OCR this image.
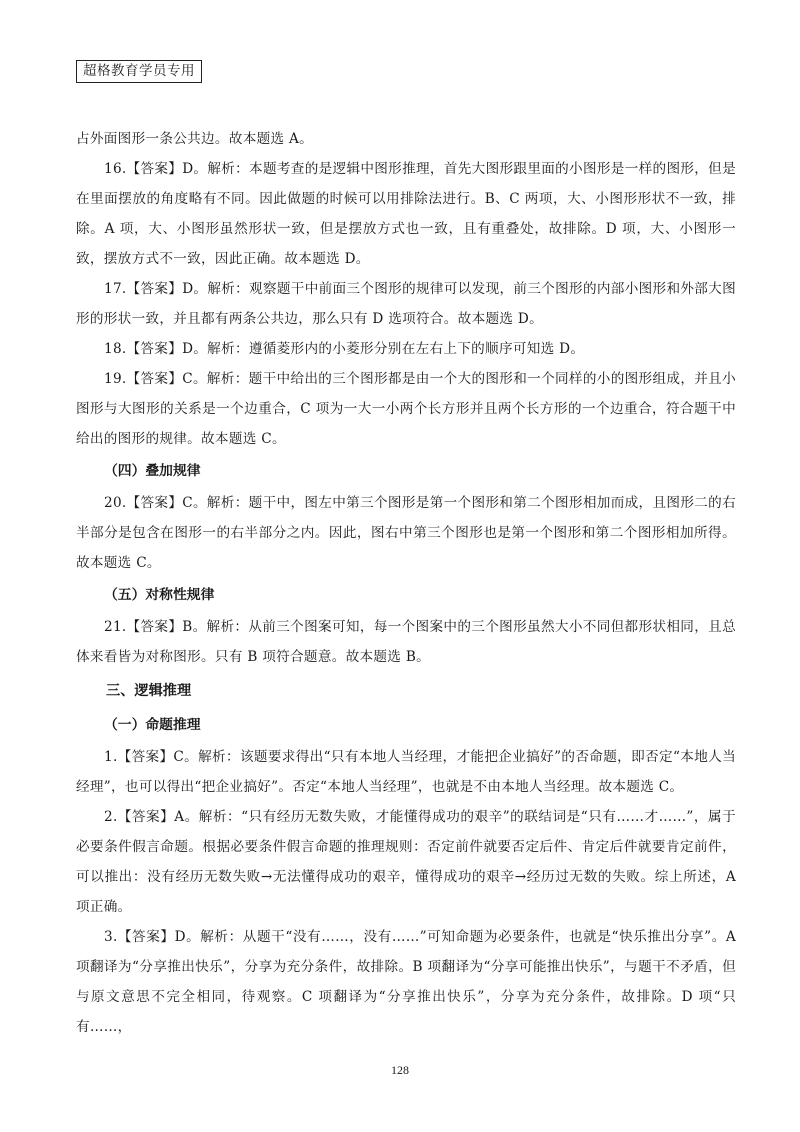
超格教育学员专用

占外面图形一条公共边。故本题选 A。

16.【答案】D。解析：本题考查的是逻辑中图形推理，首先大图形跟里面的小图形是一样的图形，但是在里面摆放的角度略有不同。因此做题的时候可以用排除法进行。B、C 两项，大、小图形形状不一致，排除。A 项，大、小图形虽然形状一致，但是摆放方式也一致，且有重叠处，故排除。D 项，大、小图形一致，摆放方式不一致，因此正确。故本题选 D。

17.【答案】D。解析：观察题干中前面三个图形的规律可以发现，前三个图形的内部小图形和外部大图形的形状一致，并且都有两条公共边，那么只有 D 选项符合。故本题选 D。

18.【答案】D。解析：遵循菱形内的小菱形分别在左右上下的顺序可知选 D。

19.【答案】C。解析：题干中给出的三个图形都是由一个大的图形和一个同样的小的图形组成，并且小图形与大图形的关系是一个边重合，C 项为一大一小两个长方形并且两个长方形的一个边重合，符合题干中给出的图形的规律。故本题选 C。

（四）叠加规律

20.【答案】C。解析：题干中，图左中第三个图形是第一个图形和第二个图形相加而成，且图形二的右半部分是包含在图形一的右半部分之内。因此，图右中第三个图形也是第一个图形和第二个图形相加所得。故本题选 C。

（五）对称性规律

21.【答案】B。解析：从前三个图案可知，每一个图案中的三个图形虽然大小不同但都形状相同，且总体来看皆为对称图形。只有 B 项符合题意。故本题选 B。

三、逻辑推理
（一）命题推理

1.【答案】C。解析：该题要求得出“只有本地人当经理，才能把企业搞好”的否命题，即否定“本地人当经理”，也可以得出“把企业搞好”。否定“本地人当经理”，也就是不由本地人当经理。故本题选 C。

2.【答案】A。解析：“只有经历无数失败，才能懂得成功的艰辛”的联结词是“只有……才……”，属于必要条件假言命题。根据必要条件假言命题的推理规则：否定前件就要否定后件、肯定后件就要肯定前件，可以推出：没有经历无数失败→无法懂得成功的艰辛，懂得成功的艰辛→经历过无数的失败。综上所述，A 项正确。

3.【答案】D。解析：从题干“没有……，没有……”可知命题为必要条件，也就是“快乐推出分享”。A 项翻译为“分享推出快乐”，分享为充分条件，故排除。B 项翻译为“分享可能推出快乐”，与题干不矛盾，但与原文意思不完全相同，待观察。C 项翻译为“分享推出快乐”，分享为充分条件，故排除。D 项“只有……，

128
